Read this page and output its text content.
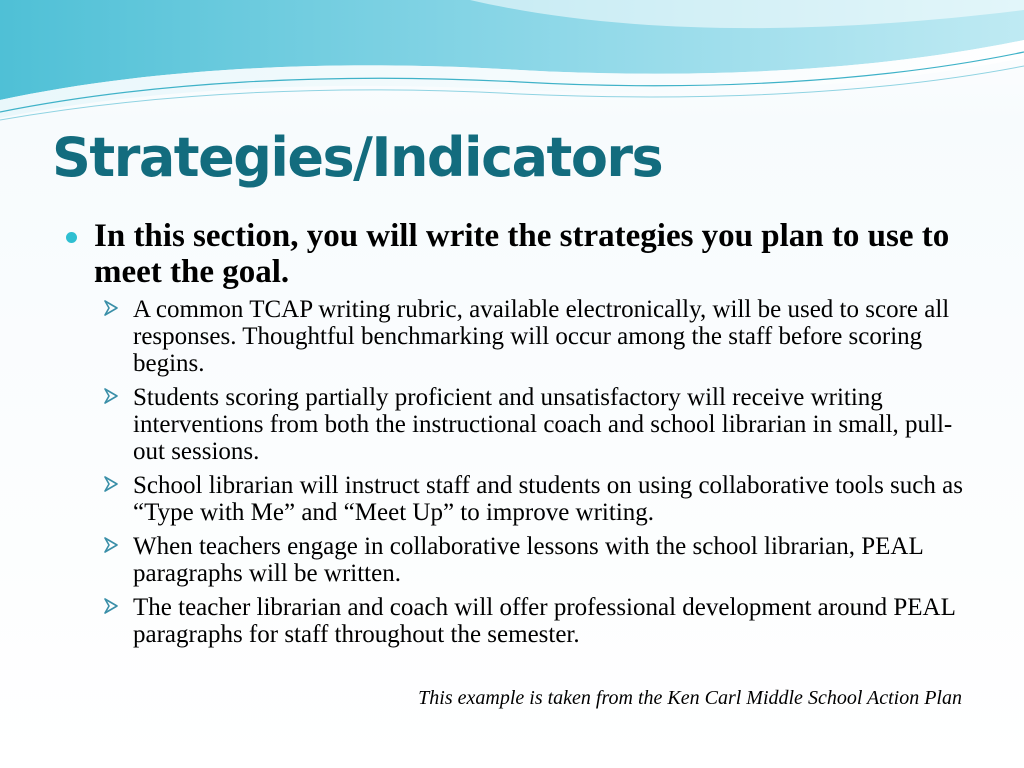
Strategies/Indicators
In this section, you will write the strategies you plan to use to meet the goal.
A common TCAP writing rubric, available electronically, will be used to score all responses. Thoughtful benchmarking will occur among the staff before scoring begins.
Students scoring partially proficient and unsatisfactory will receive writing interventions from both the instructional coach and school librarian in small, pull-out sessions.
School librarian will instruct staff and students on using collaborative tools such as “Type with Me” and “Meet Up” to improve writing.
When teachers engage in collaborative lessons with the school librarian, PEAL paragraphs will be written.
The teacher librarian and coach will offer professional development around PEAL paragraphs for staff throughout the semester.
This example is taken from the Ken Carl Middle School Action Plan
